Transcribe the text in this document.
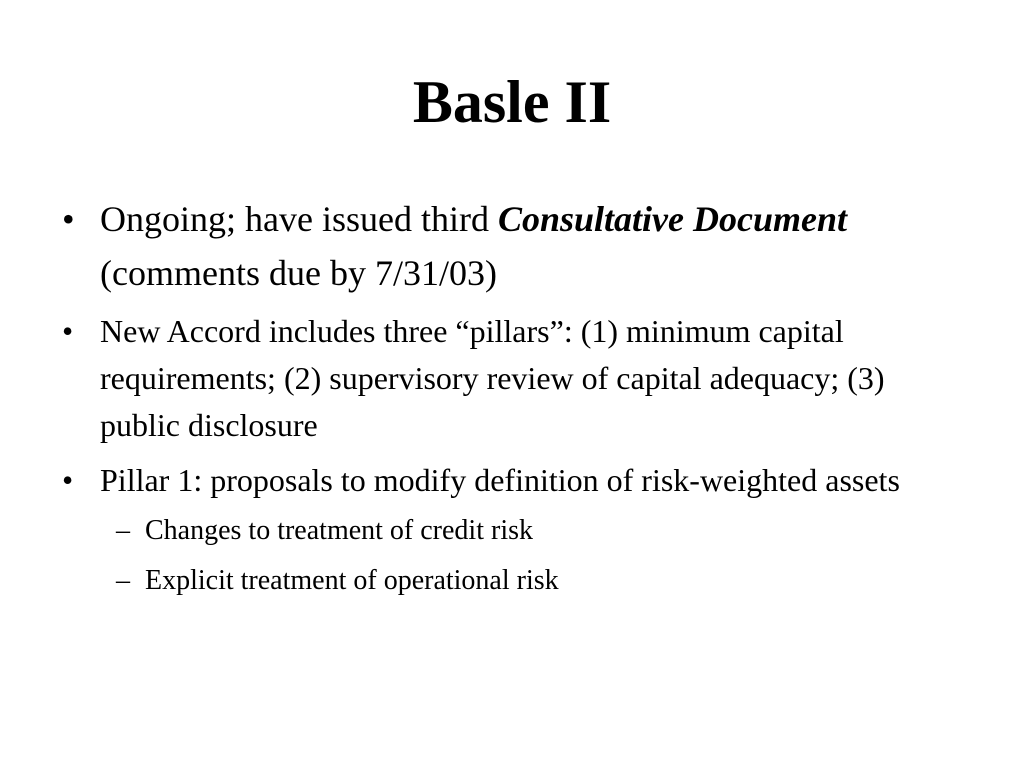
Basle II

• Ongoing; have issued third Consultative Document (comments due by 7/31/03)

• New Accord includes three “pillars”: (1) minimum capital requirements; (2) supervisory review of capital adequacy; (3) public disclosure

• Pillar 1: proposals to modify definition of risk-weighted assets

– Changes to treatment of credit risk

– Explicit treatment of operational risk
